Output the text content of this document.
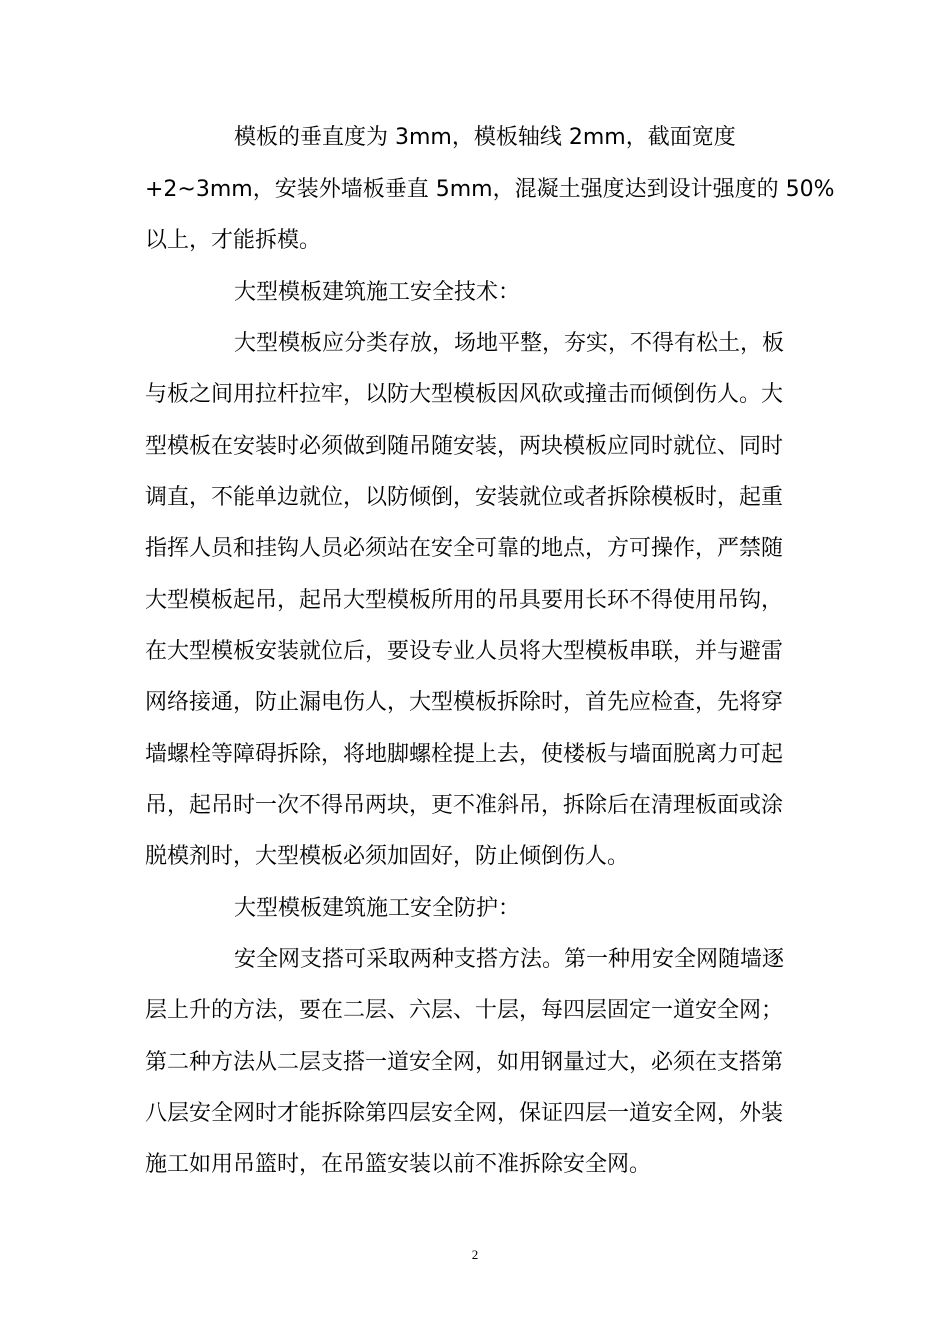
模板的垂直度为 3mm，模板轴线 2mm，截面宽度
+2~3mm，安装外墙板垂直 5mm，混凝土强度达到设计强度的 50%
以上，才能拆模。
大型模板建筑施工安全技术：
大型模板应分类存放，场地平整，夯实，不得有松土，板
与板之间用拉杆拉牢，以防大型模板因风砍或撞击而倾倒伤人。大
型模板在安装时必须做到随吊随安装，两块模板应同时就位、同时
调直，不能单边就位，以防倾倒，安装就位或者拆除模板时，起重
指挥人员和挂钩人员必须站在安全可靠的地点，方可操作，严禁随
大型模板起吊，起吊大型模板所用的吊具要用长环不得使用吊钩，
在大型模板安装就位后，要设专业人员将大型模板串联，并与避雷
网络接通，防止漏电伤人，大型模板拆除时，首先应检查，先将穿
墙螺栓等障碍拆除，将地脚螺栓提上去，使楼板与墙面脱离力可起
吊，起吊时一次不得吊两块，更不准斜吊，拆除后在清理板面或涂
脱模剂时，大型模板必须加固好，防止倾倒伤人。
大型模板建筑施工安全防护：
安全网支搭可采取两种支搭方法。第一种用安全网随墙逐
层上升的方法，要在二层、六层、十层，每四层固定一道安全网；
第二种方法从二层支搭一道安全网，如用钢量过大，必须在支搭第
八层安全网时才能拆除第四层安全网，保证四层一道安全网，外装
施工如用吊篮时，在吊篮安装以前不准拆除安全网。
2
